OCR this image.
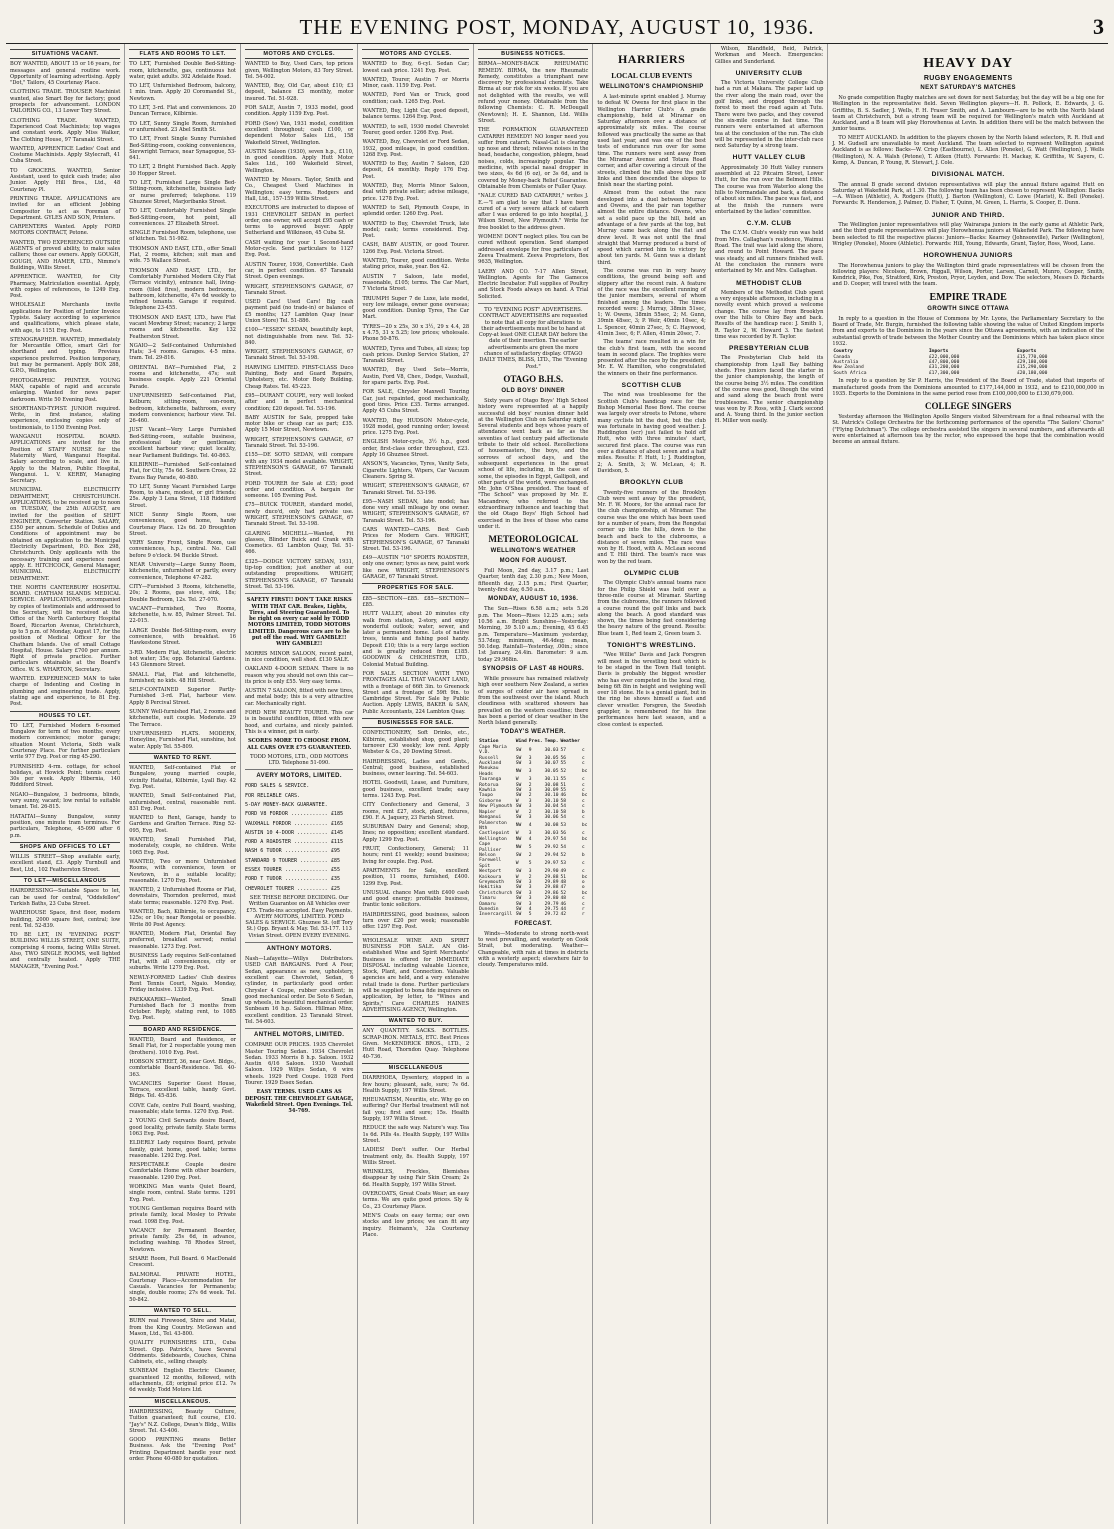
THE EVENING POST, MONDAY, AUGUST 10, 1936.	3
SITUATIONS VACANT.
BOY WANTED, ABOUT 15 or 16 years, for messages and general routine work. Opportunity of learning advertising. Apply "Dot," Tailors, 45 Courtenay Place.
CLOTHING TRADE. TROUSER Machinist wanted, also Smart Boy for factory; good prospects for advancement. LONDON TAILORING CO., 13 Lower Tory Street.
CLOTHING TRADE. WANTED, Experienced Coat Machinists; top wages and constant work. Apply Miss Walker, The Clothing House, 97 Taranaki Street.
WANTED, APPRENTICE Ladies' Coat and Costume Machinists. Apply Stylecraft, 41 Cuba Street.
TO GROCERS. WANTED, Senior Assistant, used to quick cash trade; also Junior. Apply Hill Bros., Ltd., 48 Courtenay Pl.
PRINTING TRADE. APPLICATIONS are invited for an efficient Jobbing Compositor to act as Foreman of Department. GYLES AND SON, Printers.
CARPENTERS Wanted. Apply FORD MOTORS CONTRACT, Petone.
WANTED, TWO EXPERIENCED OUTSIDE AGENTS of proved ability, to make sales calliers; those car owners. Apply GOUGH, GOUGH, AND HAMER, LTD., Nimmo's Buildings, Willis Street.
APPRENTICE. WANTED, for City Pharmacy, Matriculation essential. Apply, with copies of references, to 1249 Evg. Post.
WHOLESALE Merchants invite applications for Position of Junior Invoice Typiste. Salary according to experience and qualifications, which please state, with age, to 1151 Evg. Post.
STENOGRAPHER. WANTED, immediately for Mercantile Office, smart Girl for shorthand and typing. Previous experience preferred. Position temporary, but may be permanent. Apply BOX 288, G.P.O., Wellington.
PHOTOGRAPHIC PRINTER. YOUNG MAN, capable of rapid and accurate enlarging. Wanted for news paper darkroom. Write 50 Evening Post.
SHORTHAND-TYPIST. JUNIOR required. Write, in first instance, stating experience, enclosing copies only of testimonials, to 1150 Evening Post.
WANGANUI HOSPITAL BOARD. APPLICATIONS are invited for the Position of STAFF NURSE for the Maternity Ward, Wanganui Hospital. Salary according to scale, and live in. Apply to the Matron, Public Hospital, Wanganui. L. V. KERBY, Managing Secretary.
MUNICIPAL ELECTRICITY DEPARTMENT, CHRISTCHURCH. APPLICATIONS, to be received up to noon on TUESDAY, the 25th AUGUST, are invited for the position of SHIFT ENGINEER, Converter Station. SALARY, £350 per annum. Schedule of Duties and Conditions of appointment may be obtained on application to the Municipal Electricity Department, P.O. Box 298, Christchurch. Only applicants with the necessary training and experience need apply. E. HITCHCOCK, General Manager, MUNICIPAL ELECTRICITY DEPARTMENT.
THE NORTH CANTERBURY HOSPITAL BOARD. CHATHAM ISLANDS MEDICAL SERVICE. APPLICATIONS, accompanied by copies of testimonials and addressed to the Secretary, will be received at the Office of the North Canterbury Hospital Board, Riccarton Avenue, Christchurch, up to 5 p.m. of Monday, August 17, for the position of Medical Officer for the Chatham Islands. Use of small Cottage Hospital, House. Salary £700 per annum. Right of private practice. Further particulars obtainable at the Board's Office. W. S. WHARTON, Secretary.
WANTED. EXPERIENCED MAN to take charge of Indenting and Costing in plumbing and engineering trade. Apply, stating age and experience, to 81 Evg. Post.
HOUSES TO LET.
TO LET, Furnished Modern 6-roomed Bungalow for term of two months; every modern convenience; motor garage; situation Mount Victoria, Sixth walk Courtenay Place. For further particulars write 977 Evg. Post or ring 45-290.
FURNISHED 4-rm. cottage, for school holidays, at Howick Point; tennis court; 30s per week. Apply Hibernia, 140 Riddiford Street.
NGAIO—Bungalow, 3 bedrooms, blinds, very sunny, vacant; low rental to suitable tenant. Tel. 26-815.
HATAITAI—Sunny Bungalow, sunny position, one minute tram terminus. For particulars, Telephone, 45-090 after 6 p.m.
SHOPS AND OFFICES TO LET
WILLIS STREET—Shop available early, excellent stand, £3. Apply Turnbull and Best, Ltd., 102 Featherston Street.
TO LET—MISCELLANEOUS
HAIRDRESSING—Suitable Space to let, can be used for central, "Oddsfellow" Turkish Baths, 23 Cuba Street.
WAREHOUSE Space, first floor, modern building, 2000 square feet, central; low rent. Tel. 52-839.
TO BE LET, IN "EVENING POST" BUILDING WILLIS STREET, ONE SUITE, comprising 4 rooms, facing Willis Street. Also, TWO SINGLE ROOMS, well lighted and centrally heated. Apply THE MANAGER, "Evening Post."
FLATS AND ROOMS TO LET.
TO LET, Furnished Double Bed-Sitting-room, kitchenette, gas, continuous hot water, quiet adults. 302 Adelaide Road.
TO LET, Unfurnished Bedroom, balcony, 1 min. tram. Apply 20 Coromandel St., Newtown.
TO LET, 3-rd. Flat and conveniences. 20 Duncan Terrace, Kilbirnie.
TO LET, Sunny Single Room, furnished or unfurnished. 23 Abel Smith St.
TO LET, Front Single Sunny Furnished Bed-Sitting-room, cooking conveniences, Sievwright Terrace, near Synagogue, 53-641.
TO LET, 2 Bright Furnished Bach. Apply 30 Hopper Street.
TO LET, Furnished Large Single Bed-Sitting-room, kitchenette, business lady or nurse preferred; telephone. 119 Ghuznee Street, Marjoribanks Street.
TO LET, Comfortably Furnished Single Bed-Sitting-room, hot point, all conveniences. 27 Elizabeth Street.
SINGLE Furnished Room, telephone, use of kitchen. Tel. 51-982.
THOMSON AND EAST, LTD., offer Small Flat, 2 rooms, kitchen; suit man and wife. 75 Wallace Street.
THOMSON AND EAST, LTD., for Comfortably Furnished Modern City Flat (Terrace vicinity), entrance hall, living-room (tiled fires), modern bedrooms, bathroom, kitchenette, 47s 6d weekly to refined tenants. Garage if required. Telephone 23-455.
THOMSON AND EAST, LTD., have Flat vacant Mowbray Street; vacancy; 2 large rooms and kitchenette. Key 132 Featherston Street.
NGAIO—2 Self-contained Unfurnished Flats; 3-4 rooms. Garages. 4-5 mins. tram. Tel. 29-816.
ORIENTAL BAY—Furnished Flat, 2 rooms and kitchenette, 47s; suit business couple. Apply 221 Oriental Parade.
UNFURNISHED Self-contained Flat, Kelburn; sitting-room, sun-room, bedroom, kitchenette, bathroom, every modern convenience; harbour view. Tel. 26-460.
JUST Vacant—Very Large Furnished Bed-Sitting-room, suitable business, professional lady or gentleman; excellent harbour view; quiet locality, near Parliament Buildings. Tel. 40-863.
KILBIRNIE—Furnished Self-contained Flat, for City, 75s 6d. Southern Cross, 22 Evans Bay Parade, 40-880.
TO LET, Sunny Vacant Furnished Large Room, to share, modest, or girl friends; 25s. Apply 3 Lena Street, 118 Riddiford Street.
NICE Sunny Single Room, use conveniences, good home, handy Courtenay Place. 12s 6d. 20 Broughton Street.
VERY Sunny Front, Single Room, use conveniences, h.p., central. No. Call before 9 o'clock. 94 Buckle Street.
NEAR University—Large Sunny Room, kitchenette, unfurnished or partly, every convenience, Telephone 47-282.
CITY—Furnished 3 Rooms, kitchenette, 20s; 2 Rooms, gas stove, sink, 18s; Double Bedroom, 12s. Tel. 27-070.
VACANT—Furnished, Two Rooms, kitchenette, h.w. 85, Palmer Street. Tel. 22-015.
LARGE Double Bed-Sitting-room, every convenience, with breakfast. 16 Hawkestone Street.
3-RD. Modern Flat, kitchenette, electric hot water; 35s; opp. Botanical Gardens. 143 Glenmore Street.
SMALL Flat, Flat and kitchenette, furnished; no kids. 48 Hill Street.
SELF-CONTAINED Superior Partly-Furnished 3-rd. Flat, harbour view. Apply 8 Percival Street.
SUNNY Well-furnished Flat, 2 rooms and kitchenette, suit couple. Moderate. 29 The Terrace.
UNFURNISHED FLATS. MODERN, Honeyline, Furnished Flat, sunshine, hot water. Apply Tel. 55-809.
WANTED TO RENT.
WANTED, Self-contained Flat or Bungalow, young married couple, vicinity Hataitai, Kilbirnie, Lyall Bay. 42 Evg. Post.
WANTED, Small Self-contained Flat, unfurnished, central, reasonable rent. 831 Evg. Post.
WANTED to Rent, Garage, handy to Gardens and Grafton Terrace. Ring 52-095, Evg. Post.
WANTED, Small Furnished Flat, moderately, couple, no children. Write 1065 Evg. Post.
WANTED, Two or more Unfurnished Rooms, with convenience, town or Newtown, in a suitable locality; reasonable. 1270 Evg. Post.
WANTED, 2 Unfurnished Rooms or Flat, downstairs, Thorndon preferred, must state terms; reasonable. 1270 Evg. Post.
WANTED, Bach, Kilbirnie, to occupancy, 125s; or 10s; near Rongotai or possible. Write 80 Post Agency.
WANTED, Modern Flat, Oriental Bay preferred, breakfast served; rental reasonable. 1273 Evg. Post.
BUSINESS Lady requires Self-contained Flat, with all conveniences, city or suburbs. Write 1279 Evg. Post.
NEWLY-FORMED Ladies' Club desires Rent Tennis Court, Ngaio. Monday, Friday inclusive. 1339 Evg. Post.
PAEKAKARIKI—Wanted, Small Furnished Bach for 3 months from October. Reply, stating rent, to 1085 Evg. Post.
BOARD AND RESIDENCE.
WANTED, Board and Residence, or Small Flat, for 2 respectable young men (brothers). 1010 Evg. Post.
HOBSON STREET, 36, near Govt. Bldgs., comfortable Board-Residence. Tel. 40-363.
VACANCIES Superior Guest House, Terrace, excellent table, handy Govt. Bldgs. Tel. 45-836.
COVE Cafe, centre Full Board, washing, reasonable; state terms. 1270 Evg. Post.
2 YOUNG Civil Servants desire Board, good locality, private family. State terms 1063 Evg. Post.
ELDERLY Lady requires Board, private family, quiet home, good table; terms reasonable. 1292 Evg. Post.
RESPECTABLE Couple desire Comfortable Home with other boarders, reasonable. 1290 Evg. Post.
WORKING Man wants Quiet Board, single room, central. State terms. 1291 Evg. Post.
YOUNG Gentleman requires Board with private family, local Mosley to Private road. 1098 Evg. Post.
VACANCY for Permanent Boarder, private family. 25s 6d, in advance, including washing. 78 Rhodes Street, Newtown.
SHARE Room, Full Board. 6 MacDonald Crescent.
BALMORAL PRIVATE HOTEL, Courtenay Place—Accommodation for Casuals. Vacancies for Permanents; single, double rooms; 27s 6d week. Tel. 50-842.
WANTED TO SELL.
BURN real Firewood, Shire and Matai, from the King Country. McGowan and Mason, Ltd., Tel. 43-800.
QUALITY FURNISHERS LTD., Cuba Street. Opp. Patrick's, have Several Oddments. Sideboards, Couches, China Cabinets, etc., selling cheaply.
SUNBEAM English Electric Cleaner, guaranteed 12 months, followed, with attachments, £8; original price £12. 7s 6d weekly. Todd Motors Ltd.
MISCELLANEOUS.
HAIRDRESSING, Beauty Culture, Tuition guaranteed; full course, £10. "Jay's" N.Z. College, Dwan's Bldg., Willis Street. Tel. 43-406.
GOOD PRINTING means Better Business. Ask the "Evening Post" Printing Department handle your next order. Phone 40-080 for quotation.
MOTORS AND CYCLES.
WANTED to Buy, Used Cars, top prices given, Wellington Motors, 83 Tory Street. Tel. 54-002.
WANTED, Buy, Old Car, about £10; £3 deposit, balance £3 monthly, motor insured. Tel. 51-928.
FOR SALE, Austin 7, 1933 model, good condition. Apply 1159 Evg. Post.
FORD (Sow) Van, 1931 model, condition excellent throughout; cash £100, or dependent Motor Sales Ltd., 158 Wakefield Street, Wellington.
AUSTIN Saloon (1930), seven h.p., £110, in good condition. Apply Hutt Motor Sales Ltd., 160 Wakefield Street, Wellington.
WANTED by Messrs. Taylor, Smith and Co., Cheapest Used Machines in Wellington; easy terms. Rodgers and Hall, Ltd., 157-159 Willis Street.
EXECUTORS are instructed to dispose of 1931 CHEVROLET SEDAN in perfect order, one owner, will accept £95 cash or terms to approved buyer. Apply Sutherland and Wilkinson, 45 Cuba St.
CASH waiting for your 1 Second-hand Motor-cycle. Send particulars to 1127 Evg. Post.
AUSTIN Tourer, 1936, Convertible. Cash car, in perfect condition. 67 Taranaki Street. Open evenings.
WRIGHT, STEPHENSON'S GARAGE, 67 Taranaki Street.
USED Cars! Used Cars! Big cash payment paid (no trade-in) or balance of £5 months; 127 Lambton Quay (near Union Store) Tel. 51-886.
£100—"ESSEX" SEDAN, beautifully kept, not distinguishable from new. Tel. 52-840.
WRIGHT, STEPHENSON'S GARAGE, 67 Taranaki Street. Tel. 53-198.
HARVING LIMITED. FIRST-CLASS Duco Painting, Body and Guard Repairs, Upholstery, etc. Motor Body Building. Cheap Rates. Tel. 45-223.
£95—DURANT COUPE, very well looked after and in perfect mechanical condition; £20 deposit. Tel. 53-196.
BABY AUSTIN for Sale, propped take motor bike or cheap car as part; £35. Apply 15 Moir Street, Newtown.
WRIGHT, STEPHENSON'S GARAGE, 67 Taranaki Street. Tel. 53-196.
£155—DE SOTO SEDAN, will compare with any 1934 model available. WRIGHT, STEPHENSON'S GARAGE, 67 Taranaki Street.
FORD TOURER for Sale at £35; good order and condition. A bargain for someone. 105 Evening Post.
£75—BUICK TOURER, standard model, newly duco'd, only had private use. WRIGHT, STEPHENSON'S GARAGE, 67 Taranaki Street. Tel. 53-198.
GLARING MICHELL—Wanted, Fit glasses, Blinder Buick and Crank with Cosmetics. 63 Lambton Quay, Tel. 51-466.
£325—DODGE VICTORY SEDAN, 1931, tip-top condition; just another at our outstanding propositions. WRIGHT, STEPHENSON'S GARAGE, 67 Taranaki Street. Tel. 53-196.
SAFETY FIRST!! DON'T TAKE RISKS WITH THAT CAR. Brakes, Lights, Tires, and Steering Guaranteed. To be right on every car sold by TODD MOTORS LIMITED, TODD MOTORS LIMITED. Dangerous cars are to be put off the road. WHY GAMBLE!! WHY GAMBLE!!
MORRIS MINOR SALOON, recent paint, in nice condition, well shod. £130 SALE.
OAKLAND 4-DOOR SEDAN. There is no reason why you should not own this car—its price is only £55. Very easy terms.
AUSTIN 7 SALOON, fitted with new tires, and metal body; this is a very attractive car. Mechanically right.
FORD NEW BEAUTY TOURER. This car is in beautiful condition, fitted with new hood, and curtains, and nicely painted. This is a winner, get in early.
SCORES MORE TO CHOOSE FROM. ALL CARS OVER £75 GUARANTEED.
TODD MOTORS, LTD., ODD MOTORS LTD. Telephone 51-090.
AVERY MOTORS, LIMITED.
FORD SALES & SERVICE.
FOR RELIABLE CARS.
5-DAY MONEY-BACK GUARANTEE.
FORD V8 FORDOR ............ £185
VAUXHALL FORDOR ........... £165
AUSTIN 10 4-DOOR .......... £145
FORD A ROADSTER ........... £115
NASH 6 TUDOR .............. £95
STANDARD 9 TOURER ......... £85
ESSEX TOURER .............. £55
FORD T TUDOR .............. £35
CHEVROLET TOURER .......... £25
SEE THESE BEFORE DECIDING. Our Written Guarantee on All Vehicles over £75. Trade-ins accepted. Easy Payments. AVERY MOTORS, LIMITED. FORD SALES & SERVICE. Ghuznee St. (off Tory St.) Opp. Bryant & May. Tel. 53-177. 113 Vivian Street. OPEN EVERY EVENING.
ANTHONY MOTORS.
Nash—Lafayette—Willys Distributors. USED CAR BARGAINS. Ford A Four, Sedan, appearance as new, upholstery, excellent car. Chevrolet, Sedan, 6 cylinder, in particularly good order. Chrysler 4 Coupe, rubber excellent; in good mechanical order. De Soto 6 Sedan, up wheels, in beautiful mechanical order. Sunbeam 16 h.p. Saloon. Hillman Minx, excellent condition. 23 Taranaki Street. Tel. 54-603.
ANTHEL MOTORS, LIMITED.
COMPARE OUR PRICES. 1935 Chevrolet Master Touring Sedan. 1934 Chevrolet Sedan. 1933 Morris 8 h.p. Saloon. 1932 Austin 6/16 Saloon. 1930 Vauxhall Saloon. 1929 Willys Sedan, 6 wire wheels. 1929 Ford Coupe. 1928 Ford Tourer. 1929 Essex Sedan.
EASY TERMS. USED CARS AS DEPOSIT. THE CHEVROLET GARAGE, Wakefield Street. Open Evenings. Tel. 54-769.
MOTORS AND CYCLES.
WANTED to Buy, 6-cyl. Sedan Car; lowest cash price. 1241 Evg. Post.
WANTED, Tourer, Austin 7 or Morris Minor, cash. 1159 Evg. Post.
WANTED, Ford Van or Truck, good condition; cash. 1265 Evg. Post.
WANTED, Buy, Light Car, good deposit, balance terms. 1264 Evg. Post.
WANTED, to sell, 1930 model Chevrolet Tourer, good order. 1266 Evg. Post.
WANTED, Buy, Chevrolet or Ford Sedan, 1932, good mileage, in good condition. 1268 Evg. Post.
WANTED to Buy, Austin 7 Saloon, £20 deposit, £4 monthly. Reply 176 Evg. Post.
WANTED, Buy, Morris Minor Saloon, deal with private seller; advise mileage, price. 1278 Evg. Post.
WANTED to Sell, Plymouth Coupe, in splendid order. 1260 Evg. Post.
WANTED to Buy, Chevrolet Truck, late model; cash; terms considered. Evg. Post.
CASH, BABY AUSTIN, or good Tourer. 1266 Evg. Post. Victoria Street.
WANTED, Tourer, good condition. Write stating price, make, year. Box 42.
AUSTIN 7 Saloon, late model, reasonable, £105; terms. The Car Mart, 7 Victoria Street.
TRIUMPH Super 7 de Luxe, late model, very low mileage, owner gone overseas; good condition. Dunlop Tyres, The Car Mart.
TYRES—20 x 25s, 30 x 3½, 29 x 4.4, 28 x 4.75, 31 x 5.25; low prices; wholesale. Phone 50-876.
WANTED, Tyres and Tubes, all sizes; top cash prices. Dunlop Service Station, 27 Taranaki Street.
WANTED, Buy Used Sets—Morris, Austin, Ford V8, Chev., Dodge, Vauxhall, for spare parts. Evg. Post.
FOR SALE, Chrysler Maxwell Touring Car, just repainted, good mechanically, good tires. Price £35. Terms arranged. Apply 45 Cuba Street.
WANTED, Buy HUDSON Motor-cycle, 1928 model, good running order; lowest price. 1275 Evg. Post.
ENGLISH Motor-cycle, 3½ h.p., good order, first-class order throughout, £23. Apply 16 Ghuznee Street.
ANSON'S, Vacancies, Tyres, Vanity Sets, Cigarette Lighters, Wipers, Car Vacuum Cleaners. Spring St.
WRIGHT, STEPHENSON'S GARAGE, 67 Taranaki Street. Tel. 53-196.
£95—NASH SEDAN, late model; has done very small mileage by one owner. WRIGHT, STEPHENSON'S GARAGE, 67 Taranaki Street. Tel. 53-196.
CARS WANTED—CARS. Best Cash Prices for Modern Cars. WRIGHT, STEPHENSON'S GARAGE, 67 Taranaki Street. Tel. 53-196.
£49—AUSTIN "10" SPORTS ROADSTER, only one owner; tyres as new, paint work like new. WRIGHT, STEPHENSON'S GARAGE, 67 Taranaki Street.
PROPERTIES FOR SALE.
£85—SECTION—£85. £85—SECTION—£85.
HUTT VALLEY, about 20 minutes city walk from station, 2-story, and enjoy wonderful outlook; water, sewer, and later a permanent home. Lots of native trees, tennis and fishing pool handy. Deposit £10; this is a very large section and is greatly reduced from £185. GOODWIN & CHICHESTER, LTD., Colonial Mutual Building.
FOR SALE. SECTION WITH TWO FRONTAGES ALL THAT VACANT LAND, with a frontage of 66ft 3in. to Greenock Street and a frontage of 59ft 9in. to Cambridge Street. For Sale by Public Auction. Apply LEWIS, BAKER & SAN, Public Accountants, 224 Lambton Quay.
BUSINESSES FOR SALE.
CONFECTIONERY, Soft Drinks, etc., Kilbirnie, established shop, good plant; turnover £30 weekly; low rent. Apply Webster & Co., 20 Dowling Street.
HAIRDRESSING, Ladies and Gents., Central; good business, established business, owner leaving. Tel. 54-603.
HOTEL Goodwill, Lease, and Furniture, good business, excellent trade; easy terms. 1243 Evg. Post.
CITY Confectionery and General, 3 rooms, rent £27, stock, plant, fixtures, £90. F. A. Jaquery, 23 Farish Street.
SUBURBAN Dairy and General; shop, lines; no opposition; excellent standard. Apply 1299 Evg. Post.
FRUIT, Confectionery, General; 11 hours; rent £1 weekly; sound business; living for couple. Evg. Post.
APARTMENTS for Sale, excellent position, 11 rooms, furnished, £400. 1299 Evg. Post.
UNUSUAL chance Man with £400 cash and good energy; profitable business, frantic tonic solicitors.
HAIRDRESSING, good business, saloon turn over £20 per week; reasonable offer. 1297 Evg. Post.
WHOLESALE WINE AND SPIRIT BUSINESS FOR SALE. AN Old-established Wine and Spirit Merchants' Business is offered for IMMEDIATE DISPOSAL including valuable Licence, Stock, Plant, and Connection. Valuable agencies are held, and a very extensive retail trade is done. Further particulars will be supplied to bona fide inquirers on application, by letter, to "Wines and Spirits," Care CHARLES HAINES ADVERTISING AGENCY, Wellington.
WANTED TO BUY.
ANY QUANTITY. SACKS. BOTTLES. SCRAP-IRON. METALS, ETC. Best Prices Given. McKENDRICK BROS., LTD., 2 Hutt Road, Thorndon Quay. Telephone 40-736.
MISCELLANEOUS
DIARRHOEA, Dysentery, stopped in a few hours; pleasant, safe, sure; 7s 6d. Health Supply, 197 Willis Street.
RHEUMATISM, Neuritis, etc. Why go on suffering? Our Herbal treatment will not fail you; first and sure; 15s. Health Supply, 197 Willis Street.
REDUCE the safe way. Nature's way. Tea 1s 6d. Pills 4s. Health Supply, 197 Willis Street.
LADIES! Don't suffer. Our Herbal treatment only, 8s. Health Supply, 197 Willis Street.
WRINKLES, Freckles, Blemishes disappear by using Fair Skin Cream; 2s 6d. Health Supply, 197 Willis Street.
OVERCOATS, Great Coats Wear; an easy terms. We are quite good prices. Sly & Co., 23 Courtenay Place.
MEN'S Coats on easy terms; our own stocks and low prices; we can fit any inquiry. Heimann's, 32a Courtenay Place.
BUSINESS NOTICES.
BIRMA—MONEY-BACK RHEUMATIC REMEDY. BIRMA, the new Rheumatic Remedy, constitutes a triumphant new discovery by professional chemists. Take Birma at our risk for six weeks. If you are not delighted with the results, we will refund your money. Obtainable from the following Chemists: C. R. McDougall (Newtown); H. E. Shannon, Ltd. Willis Street.
THE FORMATION GUARANTEED CATARRH REMEDY! NO longer need you suffer from catarrh. Nasal-Cat is clearing up nose and throat; relieves noises in the head, headache, congestion, phlegm, head noises, colds, increasingly popular. The medicine, with special nasal dropper in two sizes, 4s 6d (6 oz), or 3s 6d, and is covered by Money-back Relief Guarantee. Obtainable from Chemists or Fuller Quay.
"NALE CURED BAD CATARRH," writes J. E.—"I am glad to say that I have been cured of a very severe attack of catarrh after I was ordered to go into hospital, J. Wilson Street, New Plymouth." Write for free booklet to the address given.
WOMEN! DON'T neglect piles. You can be cured without operation. Send stamped addressed envelope for free particulars of Zeeva Treatment. Zeeva Proprietors, Box 9635, Wellington.
LAERY AND CO. 7-17 Allen Street, Wellington. Agents for The Gamecos Electric Incubator. Full supplies of Poultry and Stock Foods always on hand. A Trial Solicited.
TO "EVENING POST" ADVERTISERS. CONTRACT ADVERTISERS are requested to note that all copy for alterations to their advertisements must be to hand at Copy-at least ONE CLEAR DAY before the date of their insertion. The earlier advertisements are given the more chance of satisfactory display. OTAGO DAILY TIMES, BLISS, LTD., The "Evening Post."
OTAGO B.H.S.
OLD BOYS' DINNER
Sixty years of Otago Boys' High School history were represented at a happily successful old boys' reunion dinner held at the Wellington Club on Saturday night. Several students and boys whose years of attendance went back as far as the seventies of last century paid affectionate tribute to their old school. Recollections of housemasters, the boys, and the sorrows of school days, and the subsequent experiences in the great school of life, including, in the case of some, the episodes in Egypt, Gallipoli, and other parts of the world, were exchanged. Mr. John O'Shea presided. The toast of "The School" was proposed by Mr. E. Macandrew, who referred to the extraordinary influence and teaching that the old Otago Boys' High School had exercised in the lives of those who came under it.
METEOROLOGICAL
WELLINGTON'S WEATHER
MOON FOR AUGUST.
Full Moon, 2nd day, 3.17 p.m.; Last Quarter, tenth day, 2.30 p.m.; New Moon, fifteenth day, 2.15 p.m.; First Quarter, twenty-first day, 6.50 a.m.
MONDAY, AUGUST 10, 1936.
The Sun—Rises 6.58 a.m.; sets 5.26 p.m. The Moon—Rises 12.25 a.m.; sets 10.56 a.m. Bright Sunshine—Yesterday: Morning, 39 5.10 a.m.; Evening, 45 6.45 p.m. Temperature—Maximum yesterday, 53.7deg; minimum, 46.4deg; mean, 50.1deg. Rainfall—Yesterday, .00in.; since 1st January, 24.4in. Barometer: 9 a.m. today 29.968in.
SYNOPSIS OF LAST 48 HOURS.
While pressure has remained relatively high over southern New Zealand, a series of surges of colder air have spread in from the southwest over the island. Much cloudiness with scattered showers has prevailed on the western coastline; there has been a period of clear weather in the North Island generally.
TODAY'S WEATHER.
Station	Wind	Pres.	Temp.	Weather	
Cape Maria V.D.	SW	9	30.03	57	c
Russell	SW	3	30.05	56	c
Auckland	SW	3	30.07	55	c
Manukau Heads	NW	3	30.05	52	bc
Tauranga	W	3	30.11	55	c
Rotorua	SW	2	30.08	51	c
Kawhia	SW	3	30.09	55	c
Taupo	SW	2	30.10	46	bc
Gisborne	W	3	30.10	58	c
New Plymouth	SW	3	30.04	54	c
Napier	W	2	30.10	58	b
Wanganui	SW	3	30.06	54	c
Palmerston Nth	NW	4	30.08	53	bc
Castlepoint	W	3	30.03	56	c
Wellington	NW	4	29.97	54	bc
Cape Palliser	NW	5	29.92	54	c
Nelson	SW	2	29.94	52	b
Farewell Spit	W	5	29.97	53	c
Westport	SW	3	29.90	49	c
Kaikoura	W	2	29.88	51	bc
Greymouth	SW	3	29.89	48	o
Hokitika	SW	3	29.88	47	o
Christchurch	SW	3	29.86	52	bc
Timaru	SW	3	29.80	48	c
Oamaru	SW	3	29.79	46	c
Dunedin	SW	4	29.75	44	r
Invercargill	SW	5	29.72	42	r
FORECAST.
Winds—Moderate to strong north-west to west prevailing, and westerly on Cook Strait, but moderating. Weather—Changeable, with rain at times in districts with a westerly aspect; elsewhere fair to cloudy. Temperatures mild.
HARRIERS
LOCAL CLUB EVENTS
WELLINGTON'S CHAMPIONSHIP
A last-minute sprint enabled J. Murray to defeat W. Owens for first place in the Wellington Harrier Club's A grade championship, held at Miramar on Saturday afternoon over a distance of approximately six miles. The course followed was practically the same as that used last year, and was one of the best tests of endurance run over for some time. The runners were sent away from the Miramar Avenue and Totara Road corner, and after covering a circuit of the streets, climbed the hills above the golf links and then descended the slopes to finish near the starting point.
Almost from the outset the race developed into a duel between Murray and Owens, and the pair ran together almost the entire distance. Owens, who set a solid pace up the hill, held an advantage of a few yards at the top, but Murray came back along the flat and drew level. It was not until the final straight that Murray produced a burst of speed which carried him to victory by about ten yards. M. Gunn was a distant third.
The course was run in very heavy conditions, the ground being soft and slippery after the recent rain. A feature of the race was the excellent running of the junior members, several of whom finished among the leaders. The times recorded were: J. Murray, 38min 51sec, 1; W. Owens, 38min 55sec, 2; M. Gunn, 39min 48sec, 3; P. Weir, 40min 10sec, 4; L. Spencer, 40min 27sec, 5; C. Haywood, 41min 3sec, 6; F. Allen, 41min 20sec, 7.
The teams' race resulted in a win for the club's first team, with the second team in second place. The trophies were presented after the race by the president, Mr. E. W. Hamilton, who congratulated the winners on their fine performance.
SCOTTISH CLUB
The wind was troublesome for the Scottish Club's handicap race for the Bishop Memorial Rose Bowl. The course was largely over streets to Petone, where many cyclists bit the dust, but the club was fortunate in having good weather. J. Ruddington (scr) just failed to hold off Hutt, who with three minutes' start, secured first place. The course was run over a distance of about seven and a half miles. Results: F. Hutt, 1; J. Ruddington, 2; A. Smith, 3; W. McLean, 4; R. Davidson, 5.
BROOKLYN CLUB
Twenty-five runners of the Brooklyn Club were sent away by the president, Mr. F. W. Moore, for the annual race for the club championship, at Miramar. The course was the one which has been used for a number of years, from the Rongotai corner up into the hills, down to the beach and back to the clubrooms, a distance of seven miles. The race was won by H. Hood, with A. McLean second and T. Hill third. The team's race was won by the red team.
OLYMPIC CLUB
The Olympic Club's annual teams race for the Philip Shield was held over a three-mile course at Miramar. Starting from the clubrooms, the runners followed a course round the golf links and back along the beach. A good standard was shown, the times being fast considering the heavy nature of the ground. Results: Blue team 1, Red team 2, Green team 3.
TONIGHT'S WRESTLING.
"Wee Willie" Davis and Jack Forsgren will meet in the wrestling bout which is to be staged in the Town Hall tonight. Davis is probably the biggest wrestler who has ever competed in the local ring, being 6ft 8in in height and weighing well over 18 stone. He is a genial giant, but in the ring he shows himself a fast and clever wrestler. Forsgren, the Swedish grappler, is remembered for his fine performances here last season, and a close contest is expected.
Wilson, Blandfield, Reid, Patrick, Workman and Meech. Emergencies: Gillies and Sunderland.
UNIVERSITY CLUB
The Victoria University College Club had a run at Makara. The paper laid up the river along the main road, over the golf links, and dropped through the forest to meet the road again at Tutu. There were two packs, and they covered the six-mile course in fast time. The runners were entertained at afternoon tea at the conclusion of the run. The club will be represented in the inter-club race next Saturday by a strong team.
HUTT VALLEY CLUB
Approximately 30 Hutt Valley runners assembled at 22 Pitcairn Street, Lower Hutt, for the run over the Belmont Hills. The course was from Waterloo along the hills to Normandale and back, a distance of about six miles. The pace was fast, and at the finish the runners were entertained by the ladies' committee.
C.Y.M. CLUB
The C.Y.M. Club's weekly run was held from Mrs. Callaghan's residence, Waimui Road. The trail was laid along the shore, and round to Point Howard. The pace was steady, and all runners finished well. At the conclusion the runners were entertained by Mr. and Mrs. Callaghan.
METHODIST CLUB
Members of the Methodist Club spent a very enjoyable afternoon, including in a novelty event which proved a welcome change. The course lay from Brooklyn over the hills to Ohiro Bay and back. Results of the handicap race: J. Smith 1, R. Taylor 2, W. Howard 3. The fastest time was recorded by R. Taylor.
PRESBYTERIAN CLUB
The Presbyterian Club held its championship from Lyall Bay bathing sheds. Five juniors faced the starter in the junior championship, the length of the course being 3½ miles. The condition of the course was good, though the wind and sand along the beach front were troublesome. The senior championship was won by P. Ross, with J. Clark second and A. Young third. In the junior section H. Miller won easily.
HEAVY DAY
RUGBY ENGAGEMENTS
NEXT SATURDAY'S MATCHES
No grade competition Rugby matches are set down for next Saturday, but the day will be a big one for Wellington in the representative field. Seven Wellington players—H. R. Pollock, E. Edwards, J. G. Griffiths, B. S. Sadler, J. Wells, F. H. Fraser Smith, and A. Lambourn—are to be with the North Island team at Christchurch, but a strong team will be required for Wellington's match with Auckland at Auckland, and a B team will play Horowhenua at Levin. In addition there will be the match between the junior teams.
TO MEET AUCKLAND. In addition to the players chosen by the North Island selectors, R. R. Hull and J. M. Gudsell are unavailable to meet Auckland. The team selected to represent Wellington against Auckland is as follows: Backs—W. Crisp (Eastbourne), L. Allen (Poneke), G. Watt (Wellington), J. Wells (Wellington), N. A. Walsh (Petone), T. Aitken (Hutt). Forwards: H. Mackay, K. Griffiths, W. Sayers, C. Kemp, A. Duncan, P. Young, R. Stewart, J. Cole.
DIVISIONAL MATCH.
The annual B grade second division representatives will play the annual fixture against Hutt on Saturday at Wakefield Park, at 1.30. The following team has been chosen to represent Wellington: Backs—A. Wilson (Athletic), A. Rodgers (Hutt), J. Barton (Wellington), C. Lowe (Marist), K. Bell (Poneke). Forwards: R. Henderson, J. Palmer, D. Fisher, T. Quinn, M. Green, L. Harris, S. Cooper, E. Dunn.
JUNIOR AND THIRD.
The Wellington junior representatives will play Wairarapa juniors in the early game at Athletic Park, and the third grade representatives will play Horowhenua juniors at Wakefield Park. The following have been selected to fill the respective places: Juniors—Backs: Kearney (Johnsonville), Parker (Wellington), Wrigley (Poneke), Moore (Athletic). Forwards: Hill, Young, Edwards, Grant, Taylor, Ross, Wood, Lane.
HOROWHENUA JUNIORS
The Horowhenua juniors to play the Wellington third grade representatives will be chosen from the following players: Nicolson, Brown, Riggall, Wilson, Porter, Larsen, Carnell, Munro, Cooper, Smith, Kendrick, Pike, Fox, Stratford, Kirk, Preston, Pryor, Leyden, and Dow. The selectors, Messrs D. Richards and D. Cooper, will travel with the team.
EMPIRE TRADE
GROWTH SINCE OTTAWA
In reply to a question in the House of Commons by Mr. Lyons, the Parliamentary Secretary to the Board of Trade, Mr. Burgin, furnished the following table showing the value of United Kingdom imports from and exports to the Dominions in the years since the Ottawa agreements, with an indication of the substantial growth of trade between the Mother Country and the Dominions which has taken place since 1932.
Country	Imports	Exports
Canada	£22,000,000	£15,770,000
Australia	£47,800,000	£29,180,000
New Zealand	£31,200,000	£15,290,000
South Africa	£17,300,000	£20,180,000
In reply to a question by Sir P. Harris, the President of the Board of Trade, stated that imports of manufactured goods from the Dominions amounted to £177,144,000 in 1932, and to £210,000,000 in 1935. Exports to the Dominions in the same period rose from £100,000,000 to £130,679,000.
COLLEGE SINGERS
Yesterday afternoon the Wellington Apollo Singers visited Silverstream for a final rehearsal with the St. Patrick's College Orchestra for the forthcoming performance of the operetta "The Sailors' Chorus" ("Flying Dutchman"). The college orchestra assisted the singers in several numbers, and afterwards all were entertained at afternoon tea by the rector, who expressed the hope that the combination would become an annual fixture.
